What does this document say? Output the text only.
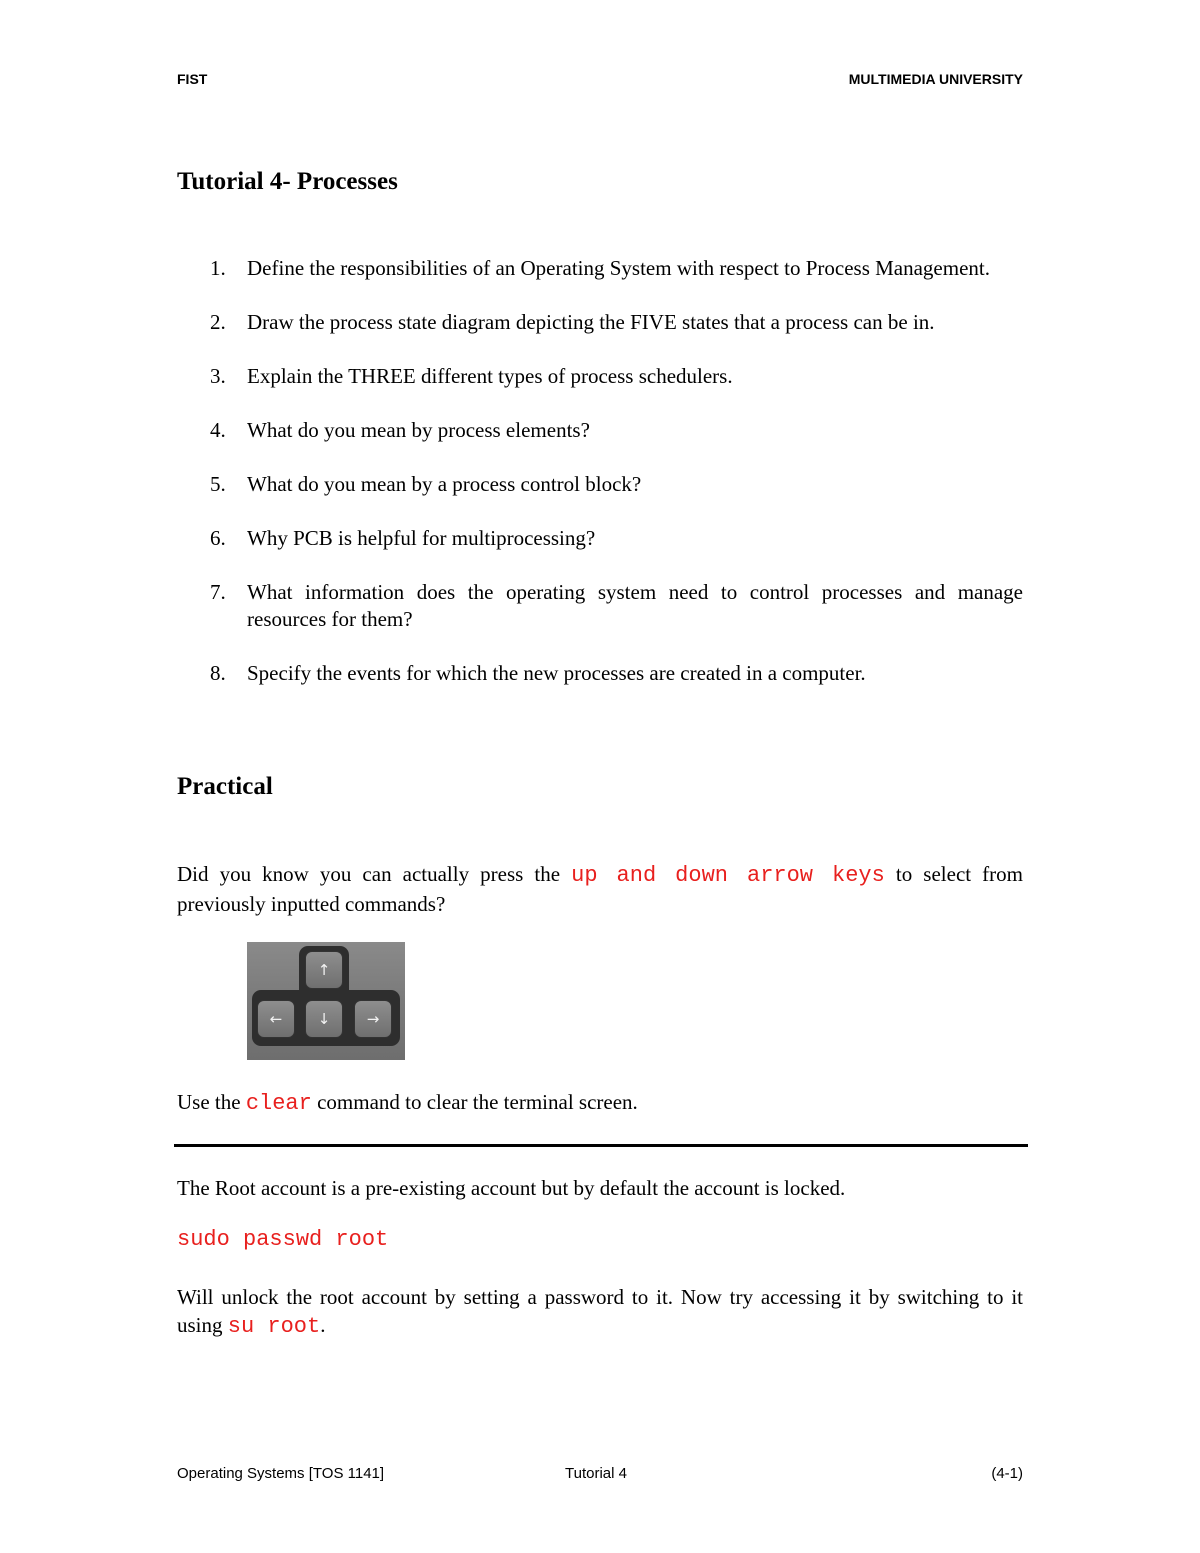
FIST	MULTIMEDIA UNIVERSITY
Tutorial 4- Processes
1. Define the responsibilities of an Operating System with respect to Process Management.
2. Draw the process state diagram depicting the FIVE states that a process can be in.
3. Explain the THREE different types of process schedulers.
4. What do you mean by process elements?
5. What do you mean by a process control block?
6. Why PCB is helpful for multiprocessing?
7. What information does the operating system need to control processes and manage resources for them?
8. Specify the events for which the new processes are created in a computer.
Practical

Did you know you can actually press the up and down arrow keys to select from previously inputted commands?

↑
←	↓	→

Use the clear command to clear the terminal screen.

The Root account is a pre-existing account but by default the account is locked.

sudo passwd root

Will unlock the root account by setting a password to it. Now try accessing it by switching to it using su root.

Operating Systems [TOS 1141]	Tutorial 4	(4-1)
